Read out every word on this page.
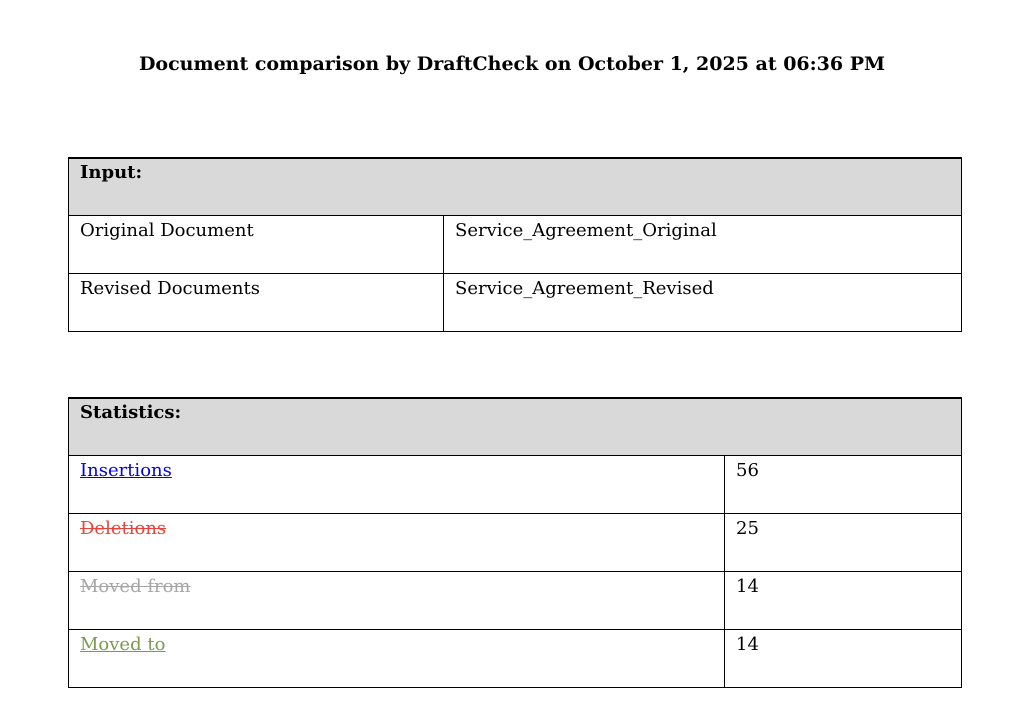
Document comparison by DraftCheck on October 1, 2025 at 06:36 PM
Input:	
Original Document	Service_Agreement_Original
Revised Documents	Service_Agreement_Revised
Statistics:	
Insertions	56
Deletions	25
Moved from	14
Moved to	14
